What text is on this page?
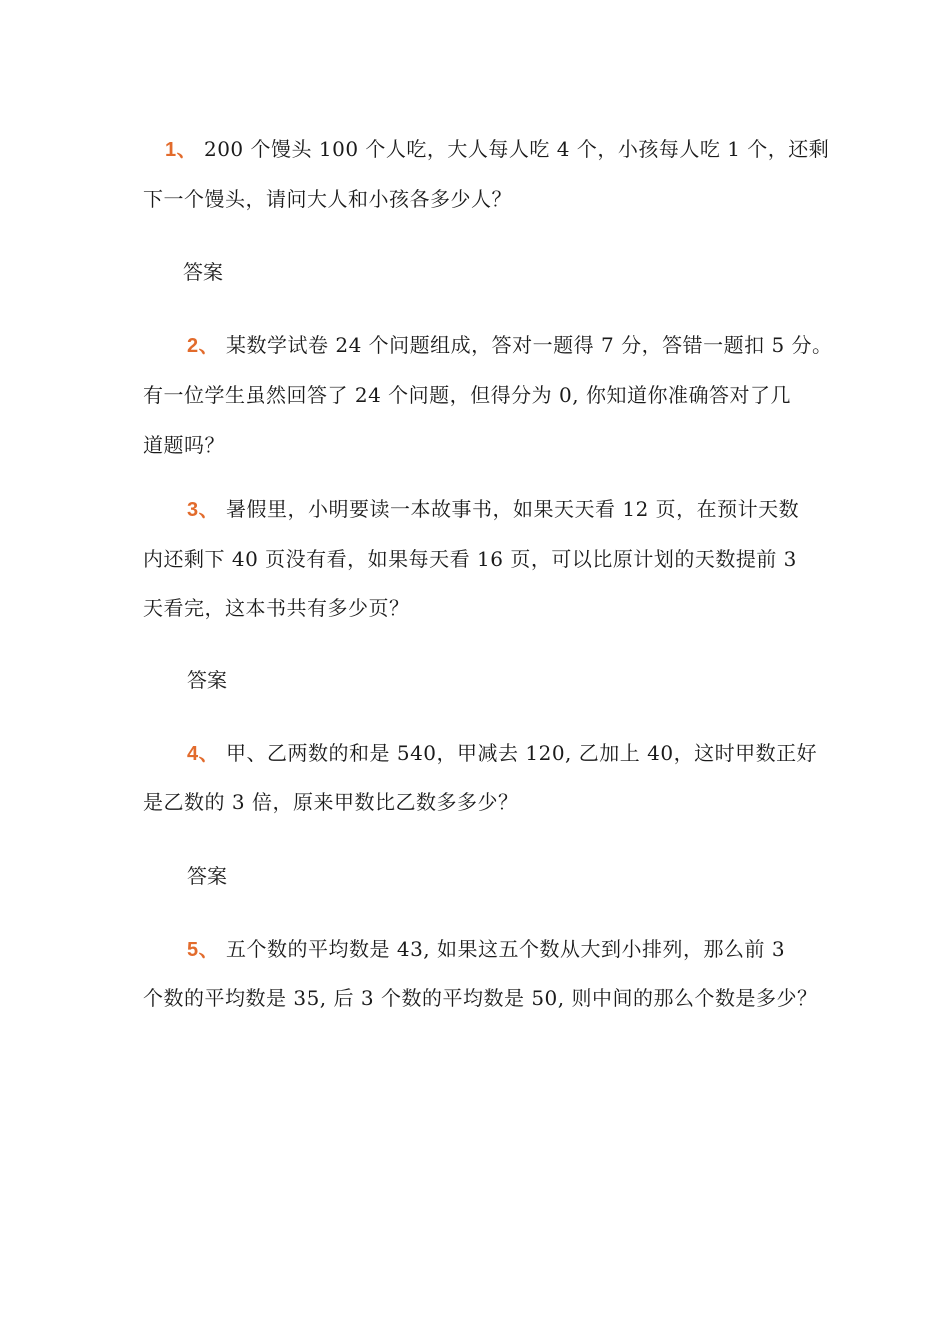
1、 200 个馒头 100 个人吃，大人每人吃 4 个，小孩每人吃 1 个，还剩
下一个馒头，请问大人和小孩各多少人？
答案
2、 某数学试卷 24 个问题组成，答对一题得 7 分，答错一题扣 5 分。
有一位学生虽然回答了 24 个问题，但得分为 0, 你知道你准确答对了几
道题吗？
3、 暑假里，小明要读一本故事书，如果天天看 12 页，在预计天数
内还剩下 40 页没有看，如果每天看 16 页，可以比原计划的天数提前 3
天看完，这本书共有多少页？
答案
4、 甲、乙两数的和是 540，甲减去 120, 乙加上 40，这时甲数正好
是乙数的 3 倍，原来甲数比乙数多多少？
答案
5、 五个数的平均数是 43, 如果这五个数从大到小排列，那么前 3
个数的平均数是 35, 后 3 个数的平均数是 50, 则中间的那么个数是多少？
